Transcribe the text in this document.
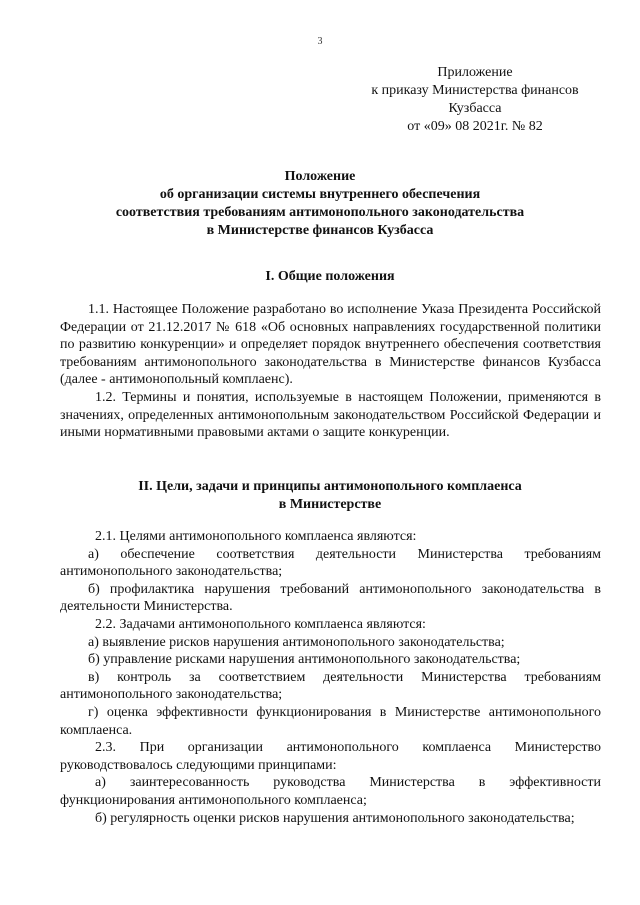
3
Приложение
к приказу Министерства финансов
Кузбасса
от «09» 08 2021г. № 82
Положение
об организации системы внутреннего обеспечения
соответствия требованиям антимонопольного законодательства
в Министерстве финансов Кузбасса
I. Общие положения

1.1. Настоящее Положение разработано во исполнение Указа Президента Российской Федерации от 21.12.2017 № 618 «Об основных направлениях государственной политики по развитию конкуренции» и определяет порядок внутреннего обеспечения соответствия требованиям антимонопольного законодательства в Министерстве финансов Кузбасса (далее - антимонопольный комплаенс).

1.2. Термины и понятия, используемые в настоящем Положении, применяются в значениях, определенных антимонопольным законодательством Российской Федерации и иными нормативными правовыми актами о защите конкуренции.

II. Цели, задачи и принципы антимонопольного комплаенса
в Министерстве

2.1. Целями антимонопольного комплаенса являются:

а) обеспечение соответствия деятельности Министерства требованиям антимонопольного законодательства;

б) профилактика нарушения требований антимонопольного законодательства в деятельности Министерства.

2.2. Задачами антимонопольного комплаенса являются:

а) выявление рисков нарушения антимонопольного законодательства;

б) управление рисками нарушения антимонопольного законодательства;

в) контроль за соответствием деятельности Министерства требованиям антимонопольного законодательства;

г) оценка эффективности функционирования в Министерстве антимонопольного комплаенса.

2.3. При организации антимонопольного комплаенса Министерство руководствовалось следующими принципами:

а) заинтересованность руководства Министерства в эффективности функционирования антимонопольного комплаенса;

б) регулярность оценки рисков нарушения антимонопольного законодательства;
